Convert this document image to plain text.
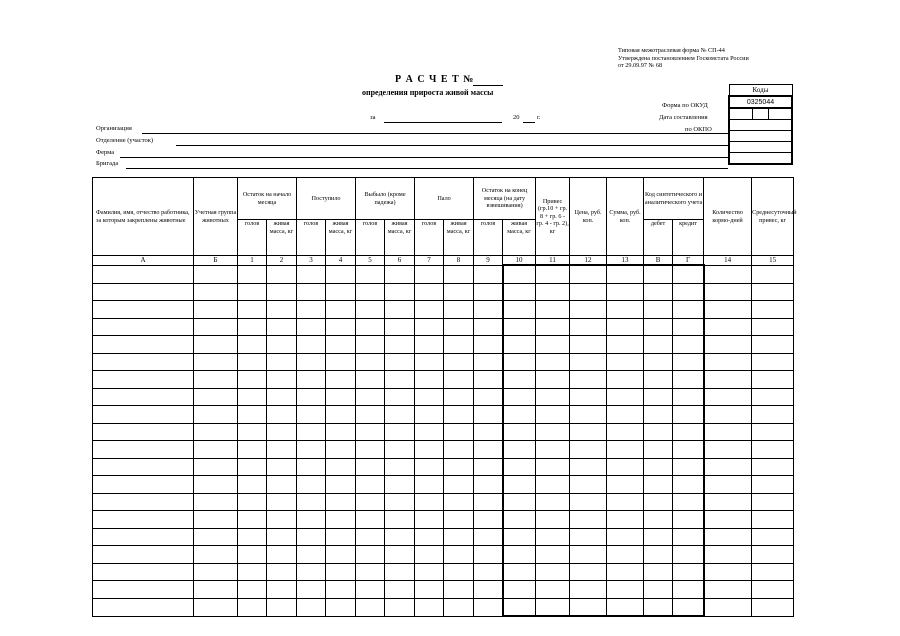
Типовая межотраслевая форма № СП-44
Утверждена постановлением Госкомстата России
от 29.09.97 № 68
Р А С Ч Е Т №
определения прироста живой массы
за	20	г.
Форма по ОКУД
Дата составления
по ОКПО
Коды
0325044

Организация
Отделение (участок)
Ферма
Бригада
Фамилия, имя, отчество работника, за которым закреплены животные	Учетная группа животных	Остаток на начало месяца		Поступило		Выбыло (кроме падежа)		Пало		Остаток на конец месяца (на дату взвешивания)		Привес (гр.10 + гр. 8 + гр. 6 - гр. 4 - гр. 2), кг	Цена, руб. коп.	Сумма, руб. коп.	Код синтетического и аналитического учета		Количество кормо-дней	Среднесуточный привес, кг
		голов	живая масса, кг	голов	живая масса, кг	голов	живая масса, кг	голов	живая масса, кг	голов	живая масса, кг				дебет	кредит		
А	Б	1	2	3	4	5	6	7	8	9	10	11	12	13	В	Г	14	15
